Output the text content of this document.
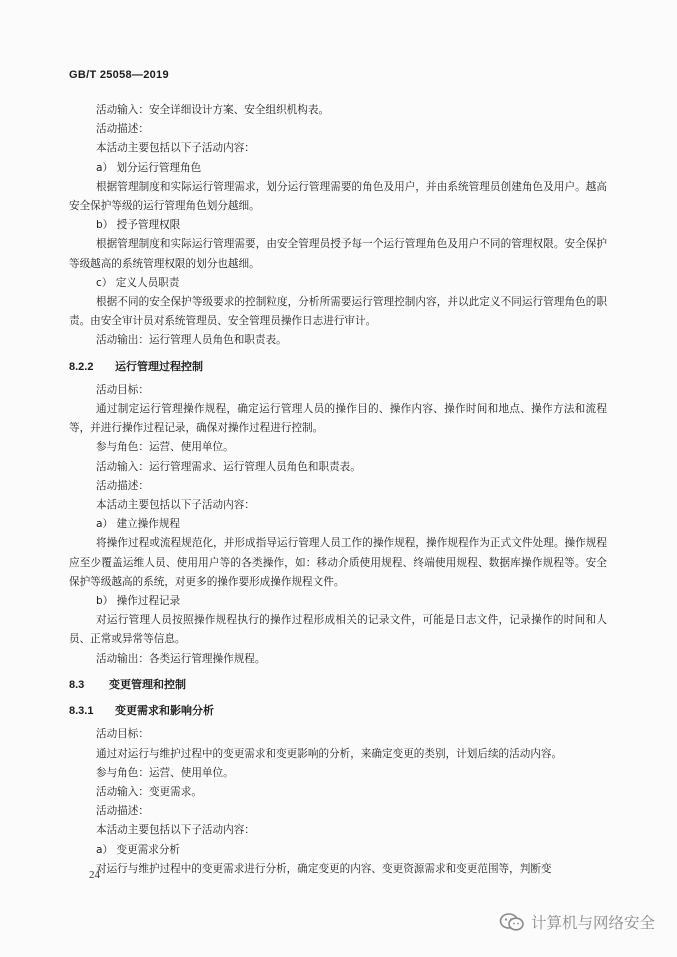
GB/T 25058—2019
活动输入：安全详细设计方案、安全组织机构表。
活动描述：
本活动主要包括以下子活动内容：
a） 划分运行管理角色
根据管理制度和实际运行管理需求，划分运行管理需要的角色及用户，并由系统管理员创建角色及用户。越高安全保护等级的运行管理角色划分越细。
b） 授予管理权限
根据管理制度和实际运行管理需要，由安全管理员授予每一个运行管理角色及用户不同的管理权限。安全保护等级越高的系统管理权限的划分也越细。
c） 定义人员职责
根据不同的安全保护等级要求的控制粒度，分析所需要运行管理控制内容，并以此定义不同运行管理角色的职责。由安全审计员对系统管理员、安全管理员操作日志进行审计。
活动输出：运行管理人员角色和职责表。
8.2.2 运行管理过程控制
活动目标：
通过制定运行管理操作规程，确定运行管理人员的操作目的、操作内容、操作时间和地点、操作方法和流程等，并进行操作过程记录，确保对操作过程进行控制。
参与角色：运营、使用单位。
活动输入：运行管理需求、运行管理人员角色和职责表。
活动描述：
本活动主要包括以下子活动内容：
a） 建立操作规程
将操作过程或流程规范化，并形成指导运行管理人员工作的操作规程，操作规程作为正式文件处理。操作规程应至少覆盖运维人员、使用用户等的各类操作，如：移动介质使用规程、终端使用规程、数据库操作规程等。安全保护等级越高的系统，对更多的操作要形成操作规程文件。
b） 操作过程记录
对运行管理人员按照操作规程执行的操作过程形成相关的记录文件，可能是日志文件，记录操作的时间和人员、正常或异常等信息。
活动输出：各类运行管理操作规程。
8.3 变更管理和控制
8.3.1 变更需求和影响分析
活动目标：
通过对运行与维护过程中的变更需求和变更影响的分析，来确定变更的类别，计划后续的活动内容。
参与角色：运营、使用单位。
活动输入：变更需求。
活动描述：
本活动主要包括以下子活动内容：
a） 变更需求分析
对运行与维护过程中的变更需求进行分析，确定变更的内容、变更资源需求和变更范围等，判断变
24
计算机与网络安全
